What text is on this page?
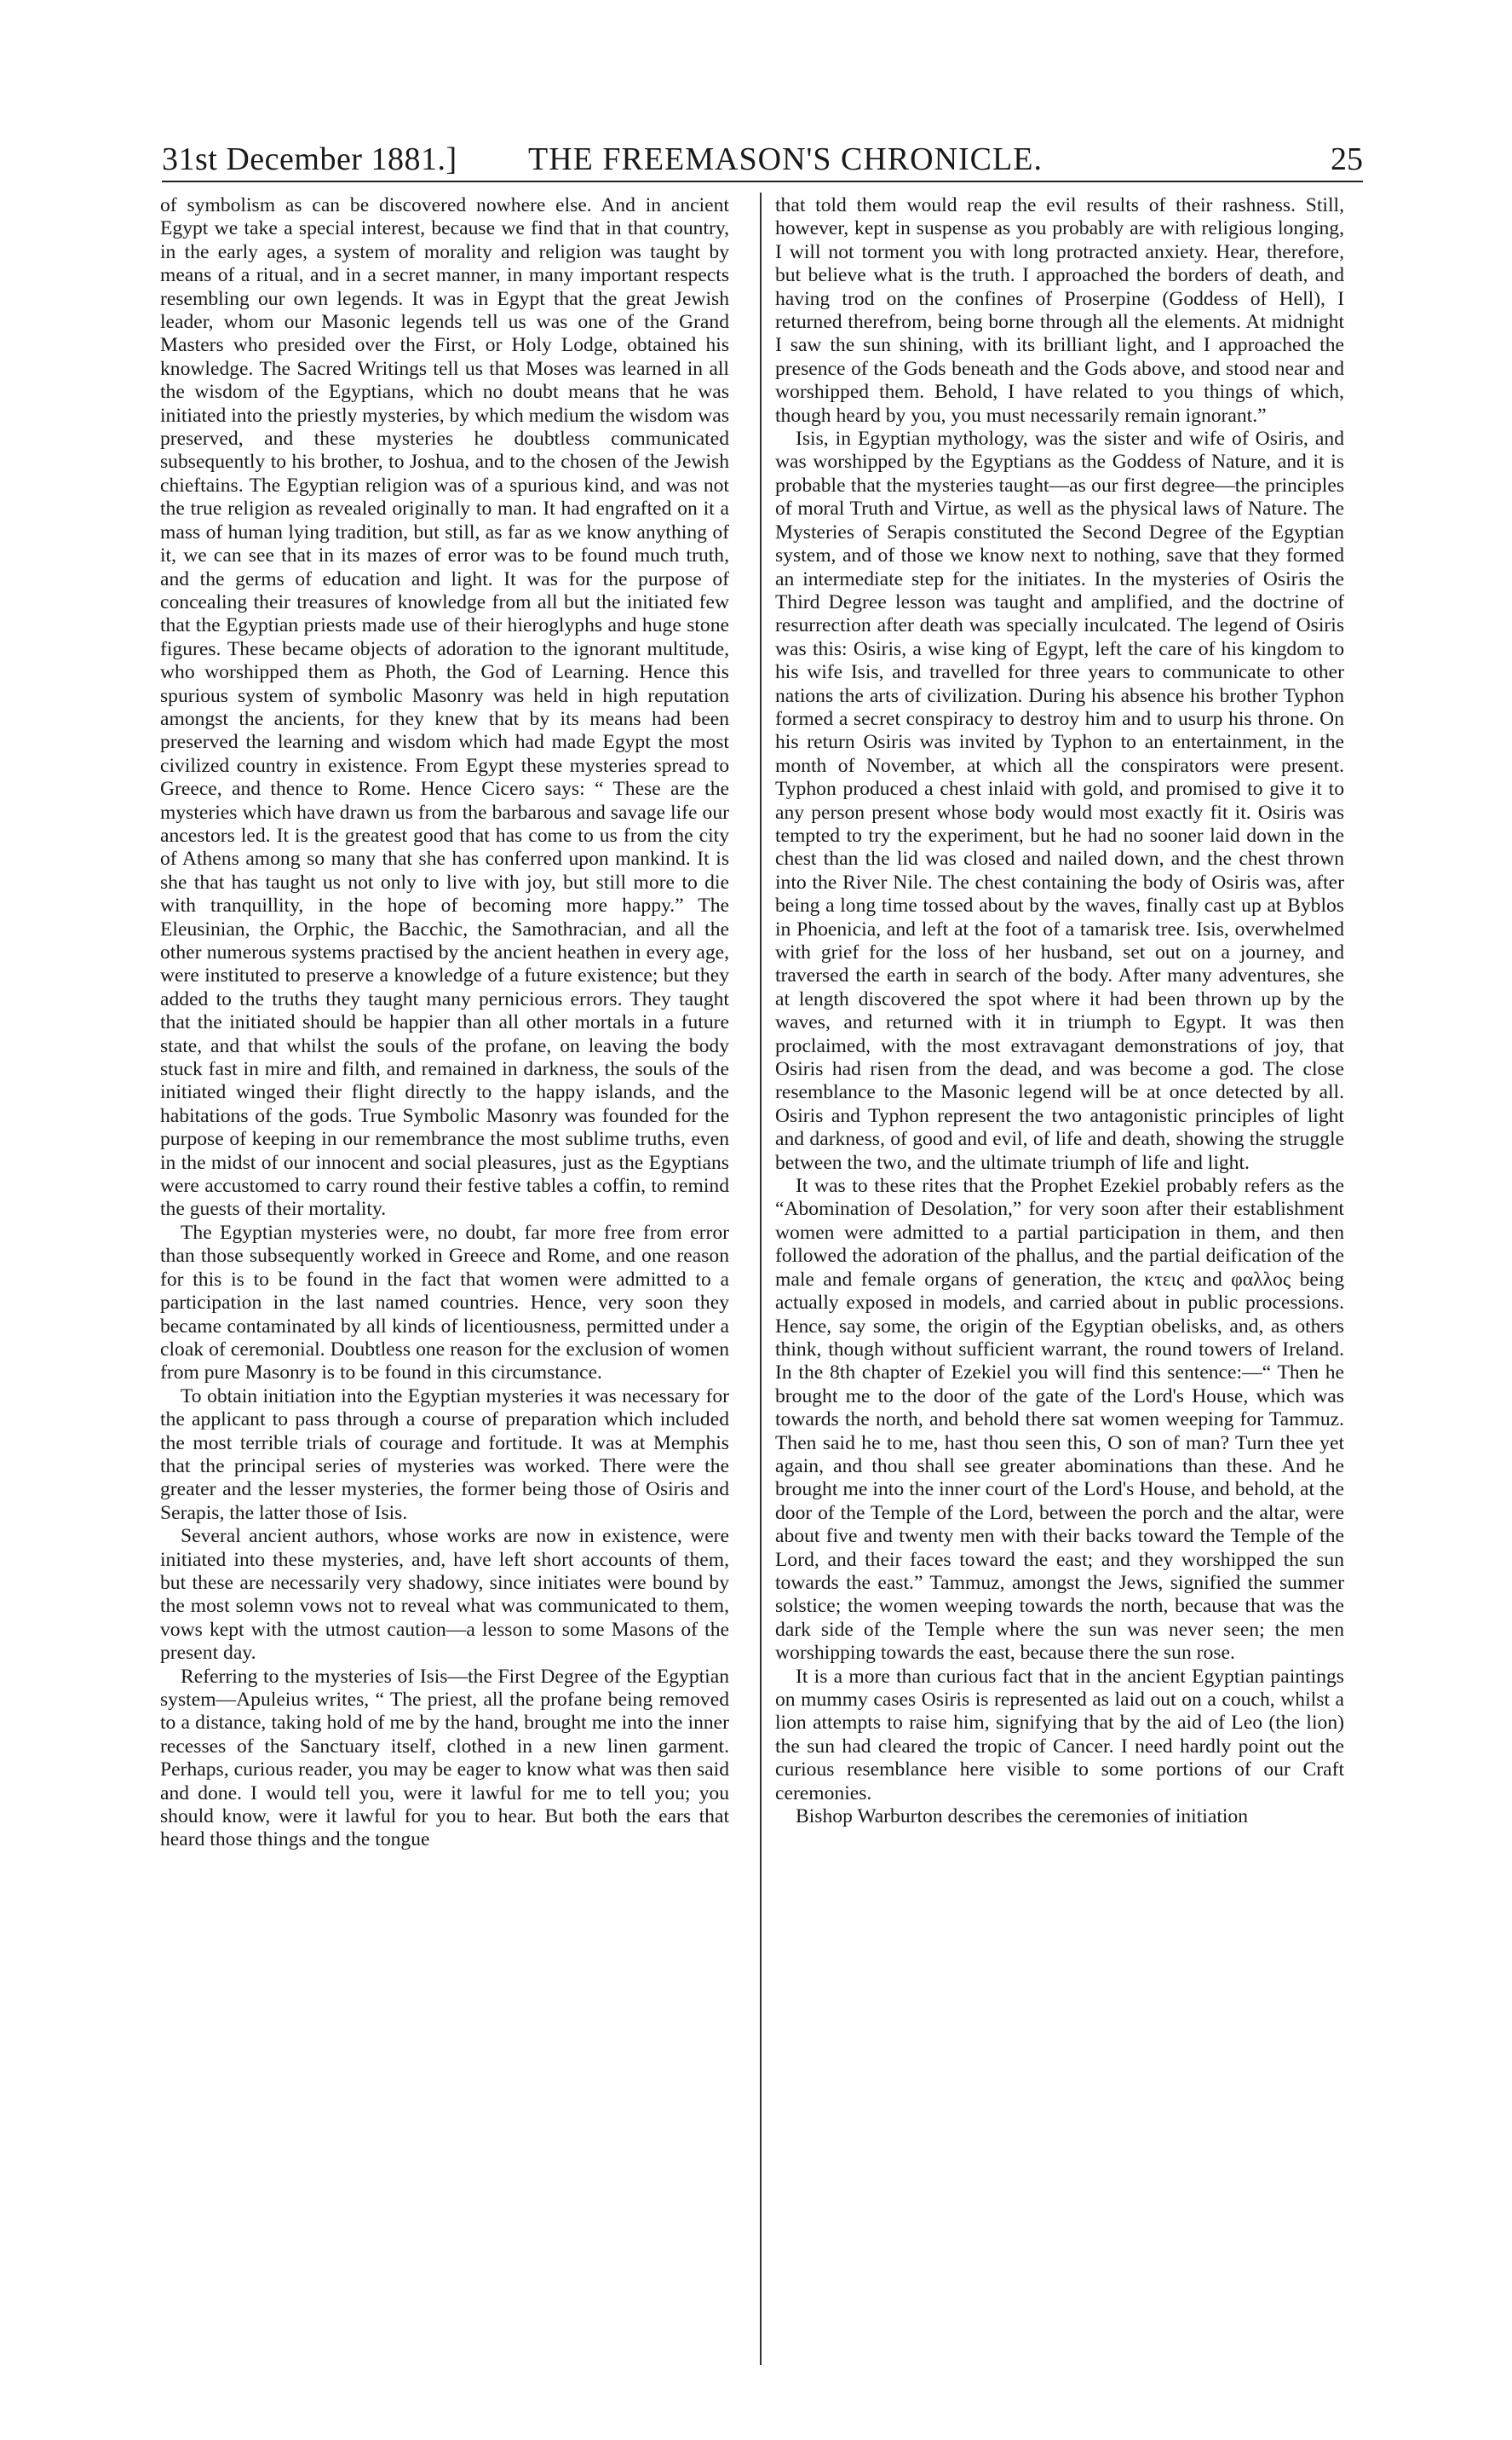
31st December 1881.] THE FREEMASON'S CHRONICLE.	25

of symbolism as can be discovered nowhere else. And in ancient Egypt we take a special interest, because we find that in that country, in the early ages, a system of morality and religion was taught by means of a ritual, and in a secret manner, in many important respects resembling our own legends. It was in Egypt that the great Jewish leader, whom our Masonic legends tell us was one of the Grand Masters who presided over the First, or Holy Lodge, obtained his knowledge. The Sacred Writings tell us that Moses was learned in all the wisdom of the Egyptians, which no doubt means that he was initiated into the priestly mysteries, by which medium the wisdom was preserved, and these mysteries he doubtless communicated subsequently to his brother, to Joshua, and to the chosen of the Jewish chieftains. The Egyptian religion was of a spurious kind, and was not the true religion as revealed originally to man. It had engrafted on it a mass of human lying tradition, but still, as far as we know anything of it, we can see that in its mazes of error was to be found much truth, and the germs of education and light. It was for the purpose of concealing their treasures of knowledge from all but the initiated few that the Egyptian priests made use of their hieroglyphs and huge stone figures. These became objects of adoration to the ignorant multitude, who worshipped them as Photh, the God of Learning. Hence this spurious system of symbolic Masonry was held in high reputation amongst the ancients, for they knew that by its means had been preserved the learning and wisdom which had made Egypt the most civilized country in existence. From Egypt these mysteries spread to Greece, and thence to Rome. Hence Cicero says: “ These are the mysteries which have drawn us from the barbarous and savage life our ancestors led. It is the greatest good that has come to us from the city of Athens among so many that she has conferred upon mankind. It is she that has taught us not only to live with joy, but still more to die with tranquillity, in the hope of becoming more happy.” The Eleusinian, the Orphic, the Bacchic, the Samothracian, and all the other numerous systems practised by the ancient heathen in every age, were instituted to preserve a knowledge of a future existence; but they added to the truths they taught many pernicious errors. They taught that the initiated should be happier than all other mortals in a future state, and that whilst the souls of the profane, on leaving the body stuck fast in mire and filth, and remained in darkness, the souls of the initiated winged their flight directly to the happy islands, and the habitations of the gods. True Symbolic Masonry was founded for the purpose of keeping in our remembrance the most sublime truths, even in the midst of our innocent and social pleasures, just as the Egyptians were accustomed to carry round their festive tables a coffin, to remind the guests of their mortality.

The Egyptian mysteries were, no doubt, far more free from error than those subsequently worked in Greece and Rome, and one reason for this is to be found in the fact that women were admitted to a participation in the last named countries. Hence, very soon they became contaminated by all kinds of licentiousness, permitted under a cloak of ceremonial. Doubtless one reason for the exclusion of women from pure Masonry is to be found in this circumstance.

To obtain initiation into the Egyptian mysteries it was necessary for the applicant to pass through a course of preparation which included the most terrible trials of courage and fortitude. It was at Memphis that the principal series of mysteries was worked. There were the greater and the lesser mysteries, the former being those of Osiris and Serapis, the latter those of Isis.

Several ancient authors, whose works are now in existence, were initiated into these mysteries, and, have left short accounts of them, but these are necessarily very shadowy, since initiates were bound by the most solemn vows not to reveal what was communicated to them, vows kept with the utmost caution—a lesson to some Masons of the present day.

Referring to the mysteries of Isis—the First Degree of the Egyptian system—Apuleius writes, “ The priest, all the profane being removed to a distance, taking hold of me by the hand, brought me into the inner recesses of the Sanctuary itself, clothed in a new linen garment. Perhaps, curious reader, you may be eager to know what was then said and done. I would tell you, were it lawful for me to tell you; you should know, were it lawful for you to hear. But both the ears that heard those things and the tongue

that told them would reap the evil results of their rashness. Still, however, kept in suspense as you probably are with religious longing, I will not torment you with long protracted anxiety. Hear, therefore, but believe what is the truth. I approached the borders of death, and having trod on the confines of Proserpine (Goddess of Hell), I returned therefrom, being borne through all the elements. At midnight I saw the sun shining, with its brilliant light, and I approached the presence of the Gods beneath and the Gods above, and stood near and worshipped them. Behold, I have related to you things of which, though heard by you, you must necessarily remain ignorant.”

Isis, in Egyptian mythology, was the sister and wife of Osiris, and was worshipped by the Egyptians as the Goddess of Nature, and it is probable that the mysteries taught—as our first degree—the principles of moral Truth and Virtue, as well as the physical laws of Nature. The Mysteries of Serapis constituted the Second Degree of the Egyptian system, and of those we know next to nothing, save that they formed an intermediate step for the initiates. In the mysteries of Osiris the Third Degree lesson was taught and amplified, and the doctrine of resurrection after death was specially inculcated. The legend of Osiris was this: Osiris, a wise king of Egypt, left the care of his kingdom to his wife Isis, and travelled for three years to communicate to other nations the arts of civilization. During his absence his brother Typhon formed a secret conspiracy to destroy him and to usurp his throne. On his return Osiris was invited by Typhon to an entertainment, in the month of November, at which all the conspirators were present. Typhon produced a chest inlaid with gold, and promised to give it to any person present whose body would most exactly fit it. Osiris was tempted to try the experiment, but he had no sooner laid down in the chest than the lid was closed and nailed down, and the chest thrown into the River Nile. The chest containing the body of Osiris was, after being a long time tossed about by the waves, finally cast up at Byblos in Phoenicia, and left at the foot of a tamarisk tree. Isis, overwhelmed with grief for the loss of her husband, set out on a journey, and traversed the earth in search of the body. After many adventures, she at length discovered the spot where it had been thrown up by the waves, and returned with it in triumph to Egypt. It was then proclaimed, with the most extravagant demonstrations of joy, that Osiris had risen from the dead, and was become a god. The close resemblance to the Masonic legend will be at once detected by all. Osiris and Typhon represent the two antagonistic principles of light and darkness, of good and evil, of life and death, showing the struggle between the two, and the ultimate triumph of life and light.

It was to these rites that the Prophet Ezekiel probably refers as the “Abomination of Desolation,” for very soon after their establishment women were admitted to a partial participation in them, and then followed the adoration of the phallus, and the partial deification of the male and female organs of generation, the κτεις and φαλλος being actually exposed in models, and carried about in public processions. Hence, say some, the origin of the Egyptian obelisks, and, as others think, though without sufficient warrant, the round towers of Ireland. In the 8th chapter of Ezekiel you will find this sentence:—“ Then he brought me to the door of the gate of the Lord's House, which was towards the north, and behold there sat women weeping for Tammuz. Then said he to me, hast thou seen this, O son of man? Turn thee yet again, and thou shall see greater abominations than these. And he brought me into the inner court of the Lord's House, and behold, at the door of the Temple of the Lord, between the porch and the altar, were about five and twenty men with their backs toward the Temple of the Lord, and their faces toward the east; and they worshipped the sun towards the east.” Tammuz, amongst the Jews, signified the summer solstice; the women weeping towards the north, because that was the dark side of the Temple where the sun was never seen; the men worshipping towards the east, because there the sun rose.

It is a more than curious fact that in the ancient Egyptian paintings on mummy cases Osiris is represented as laid out on a couch, whilst a lion attempts to raise him, signifying that by the aid of Leo (the lion) the sun had cleared the tropic of Cancer. I need hardly point out the curious resemblance here visible to some portions of our Craft ceremonies.

Bishop Warburton describes the ceremonies of initiation
